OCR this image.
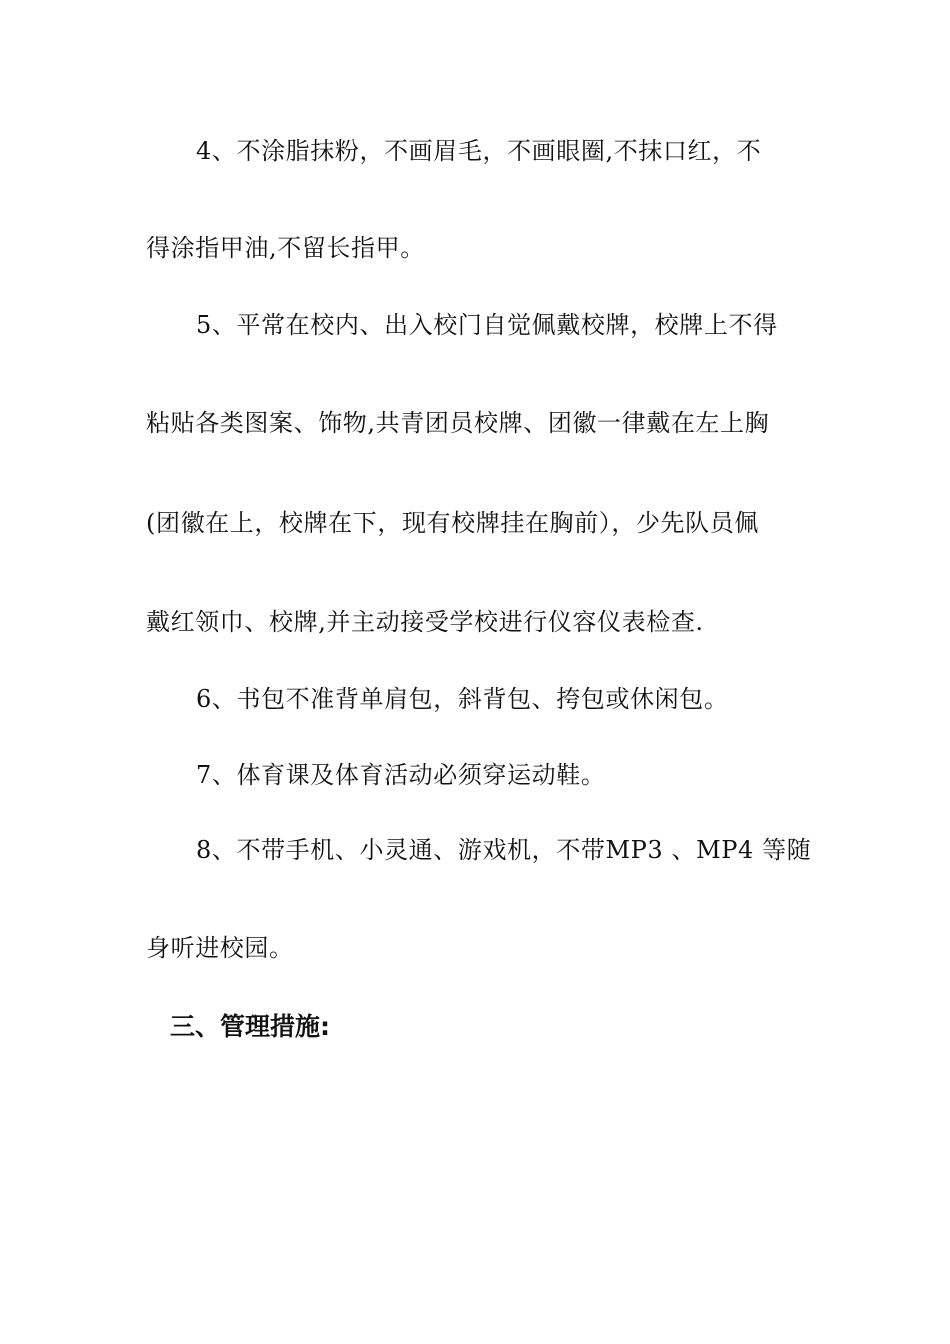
4、不涂脂抹粉，不画眉毛，不画眼圈,不抹口红，不
得涂指甲油,不留长指甲。
5、平常在校内、出入校门自觉佩戴校牌，校牌上不得
粘贴各类图案、饰物,共青团员校牌、团徽一律戴在左上胸
(团徽在上，校牌在下，现有校牌挂在胸前），少先队员佩
戴红领巾、校牌,并主动接受学校进行仪容仪表检查.
6、书包不准背单肩包，斜背包、挎包或休闲包。
7、体育课及体育活动必须穿运动鞋。
8、不带手机、小灵通、游戏机，不带MP3 、MP4 等随
身听进校园。
三、管理措施:
